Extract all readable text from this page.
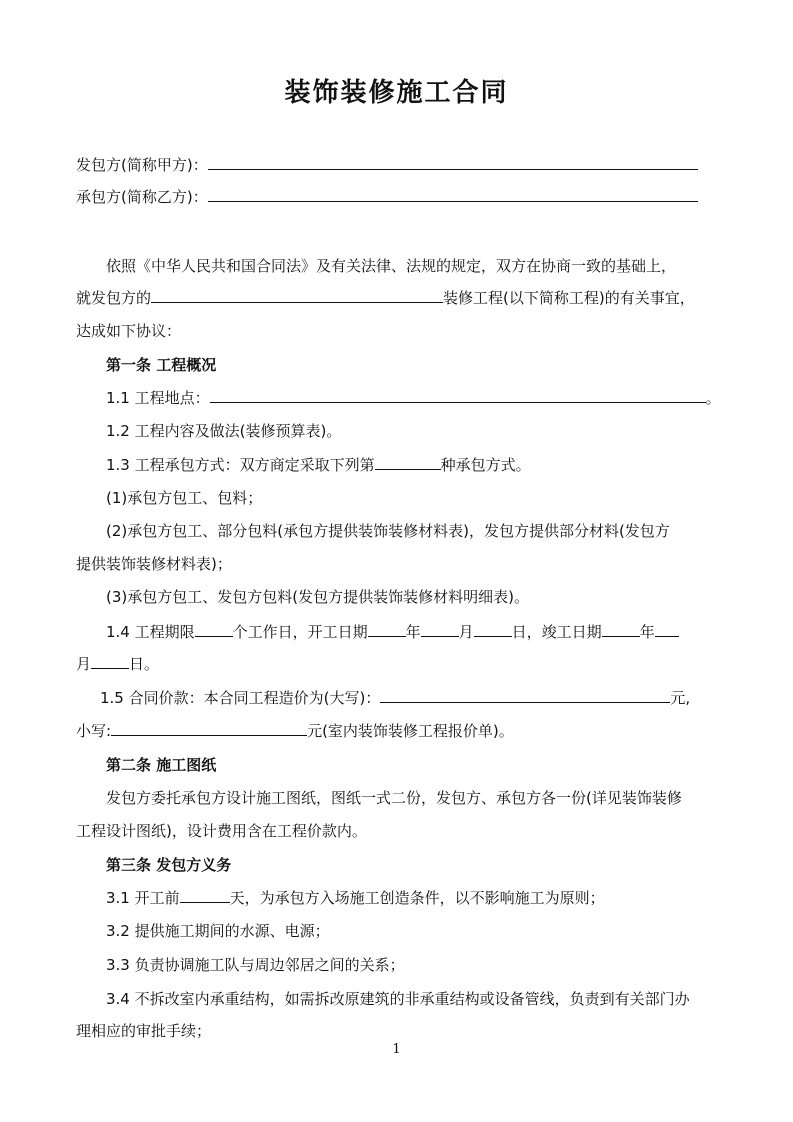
装饰装修施工合同
发包方(简称甲方)：
承包方(简称乙方)：
依照《中华人民共和国合同法》及有关法律、法规的规定，双方在协商一致的基础上，
就发包方的	装修工程(以下简称工程)的有关事宜，
达成如下协议：
第一条 工程概况
1.1 工程地点：	。
1.2 工程内容及做法(装修预算表)。
1.3 工程承包方式：双方商定采取下列第	种承包方式。
(1)承包方包工、包料；
(2)承包方包工、部分包料(承包方提供装饰装修材料表)，发包方提供部分材料(发包方
提供装饰装修材料表)；
(3)承包方包工、发包方包料(发包方提供装饰装修材料明细表)。
1.4 工程期限	个工作日，开工日期	年	月	日，竣工日期	年
月	日。
1.5 合同价款：本合同工程造价为(大写)：	元,
小写:	元(室内装饰装修工程报价单)。
第二条 施工图纸
发包方委托承包方设计施工图纸，图纸一式二份，发包方、承包方各一份(详见装饰装修
工程设计图纸)，设计费用含在工程价款内。
第三条 发包方义务
3.1 开工前	天，为承包方入场施工创造条件，以不影响施工为原则；
3.2 提供施工期间的水源、电源；
3.3 负责协调施工队与周边邻居之间的关系；
3.4 不拆改室内承重结构，如需拆改原建筑的非承重结构或设备管线，负责到有关部门办
理相应的审批手续；
1
